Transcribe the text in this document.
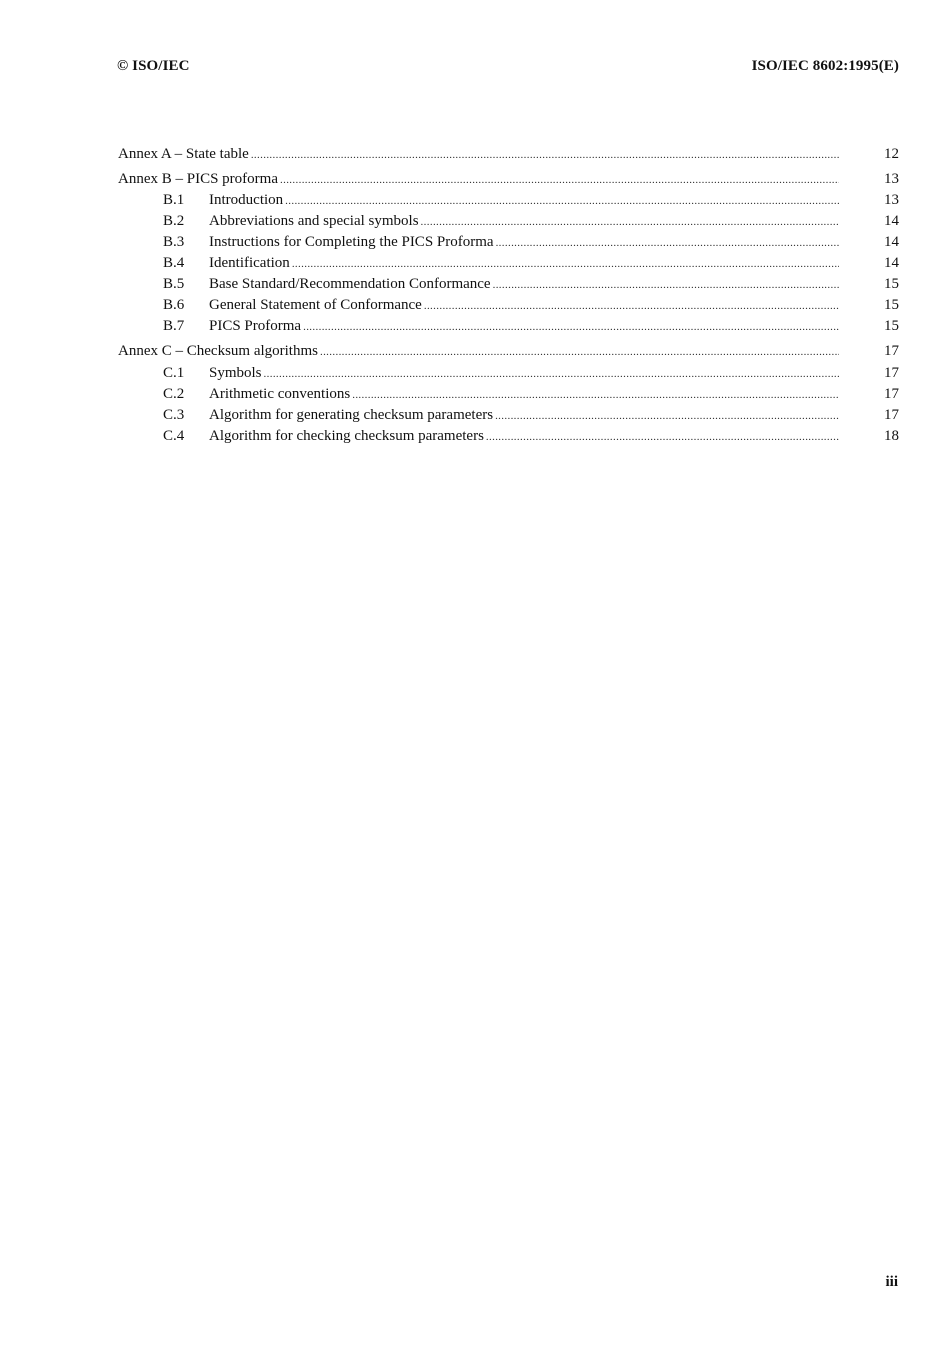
© ISO/IEC	ISO/IEC 8602:1995(E)
Annex A – State table . . .	12
Annex B – PICS proforma . . .	13
B.1	Introduction . . .	13
B.2	Abbreviations and special symbols . . .	14
B.3	Instructions for Completing the PICS Proforma . . .	14
B.4	Identification . . .	14
B.5	Base Standard/Recommendation Conformance . . .	15
B.6	General Statement of Conformance . . .	15
B.7	PICS Proforma . . .	15
Annex C – Checksum algorithms . . .	17
C.1	Symbols . . .	17
C.2	Arithmetic conventions . . .	17
C.3	Algorithm for generating checksum parameters . . .	17
C.4	Algorithm for checking checksum parameters . . .	18
iii
